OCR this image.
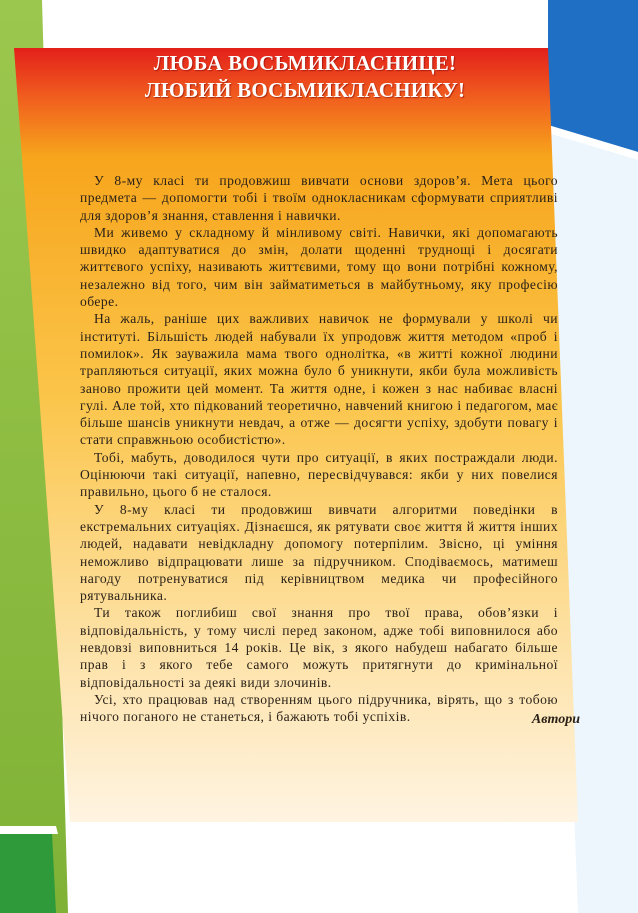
ЛЮБА ВОСЬМИКЛАСНИЦЕ!
ЛЮБИЙ ВОСЬМИКЛАСНИКУ!

У 8-му класі ти продовжиш вивчати основи здоров’я. Мета цього предмета — допомогти тобі і твоїм однокласникам сформувати сприятливі для здоров’я знання, ставлення і навички.

Ми живемо у складному й мінливому світі. Навички, які допомагають швидко адаптуватися до змін, долати щоденні труднощі і досягати життєвого успіху, називають життєвими, тому що вони потрібні кожному, незалежно від того, чим він займатиметься в майбутньому, яку професію обере.

На жаль, раніше цих важливих навичок не формували у школі чи інституті. Більшість людей набували їх упродовж життя методом «проб і помилок». Як зауважила мама твого однолітка, «в житті кожної людини трапляються ситуації, яких можна було б уникнути, якби була можливість заново прожити цей момент. Та життя одне, і кожен з нас набиває власні гулі. Але той, хто підкований теоретично, навчений книгою і педагогом, має більше шансів уникнути невдач, а отже — досягти успіху, здобути повагу і стати справжньою особистістю».

Тобі, мабуть, доводилося чути про ситуації, в яких постраждали люди. Оцінюючи такі ситуації, напевно, пересвідчувався: якби у них повелися правильно, цього б не сталося.

У 8-му класі ти продовжиш вивчати алгоритми поведінки в екстремальних ситуаціях. Дізнаєшся, як рятувати своє життя й життя інших людей, надавати невідкладну допомогу потерпілим. Звісно, ці уміння неможливо відпрацювати лише за підручником. Сподіваємось, матимеш нагоду потренуватися під керівництвом медика чи професійного рятувальника.

Ти також поглибиш свої знання про твої права, обов’язки і відповідальність, у тому числі перед законом, адже тобі виповнилося або невдовзі виповниться 14 років. Це вік, з якого набудеш набагато більше прав і з якого тебе самого можуть притягнути до кримінальної відповідальності за деякі види злочинів.

Усі, хто працював над створенням цього підручника, вірять, що з тобою нічого поганого не станеться, і бажають тобі успіхів.	Автори
